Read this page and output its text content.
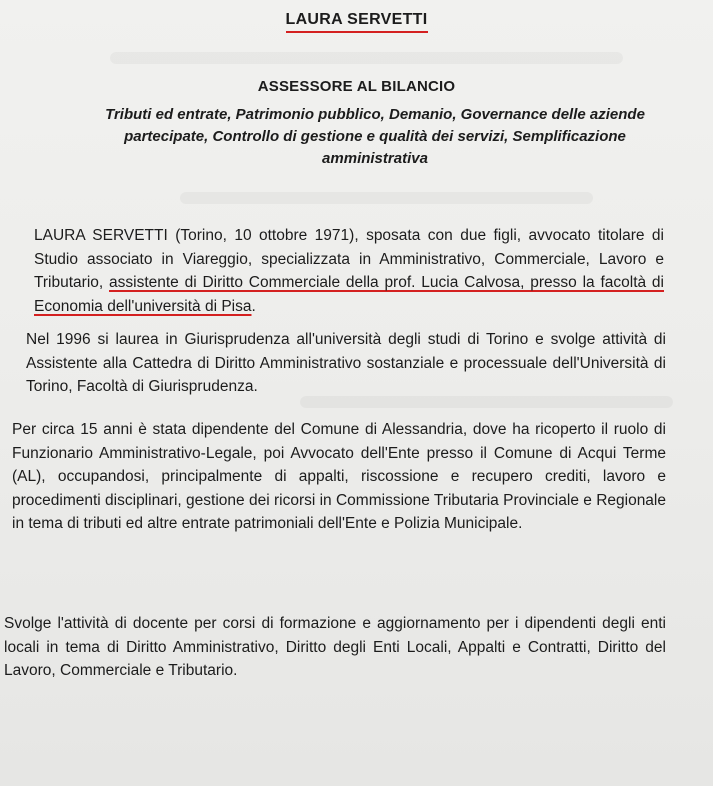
LAURA SERVETTI
ASSESSORE AL BILANCIO
Tributi ed entrate, Patrimonio pubblico, Demanio, Governance delle aziende partecipate, Controllo di gestione e qualità dei servizi, Semplificazione amministrativa

LAURA SERVETTI (Torino, 10 ottobre 1971), sposata con due figli, avvocato titolare di Studio associato in Viareggio, specializzata in Amministrativo, Commerciale, Lavoro e Tributario, assistente di Diritto Commerciale della prof. Lucia Calvosa, presso la facoltà di Economia dell'università di Pisa.

Nel 1996 si laurea in Giurisprudenza all'università degli studi di Torino e svolge attività di Assistente alla Cattedra di Diritto Amministrativo sostanziale e processuale dell'Università di Torino, Facoltà di Giurisprudenza.

Per circa 15 anni è stata dipendente del Comune di Alessandria, dove ha ricoperto il ruolo di Funzionario Amministrativo-Legale, poi Avvocato dell'Ente presso il Comune di Acqui Terme (AL), occupandosi, principalmente di appalti, riscossione e recupero crediti, lavoro e procedimenti disciplinari, gestione dei ricorsi in Commissione Tributaria Provinciale e Regionale in tema di tributi ed altre entrate patrimoniali dell'Ente e Polizia Municipale.

Svolge l'attività di docente per corsi di formazione e aggiornamento per i dipendenti degli enti locali in tema di Diritto Amministrativo, Diritto degli Enti Locali, Appalti e Contratti, Diritto del Lavoro, Commerciale e Tributario.
